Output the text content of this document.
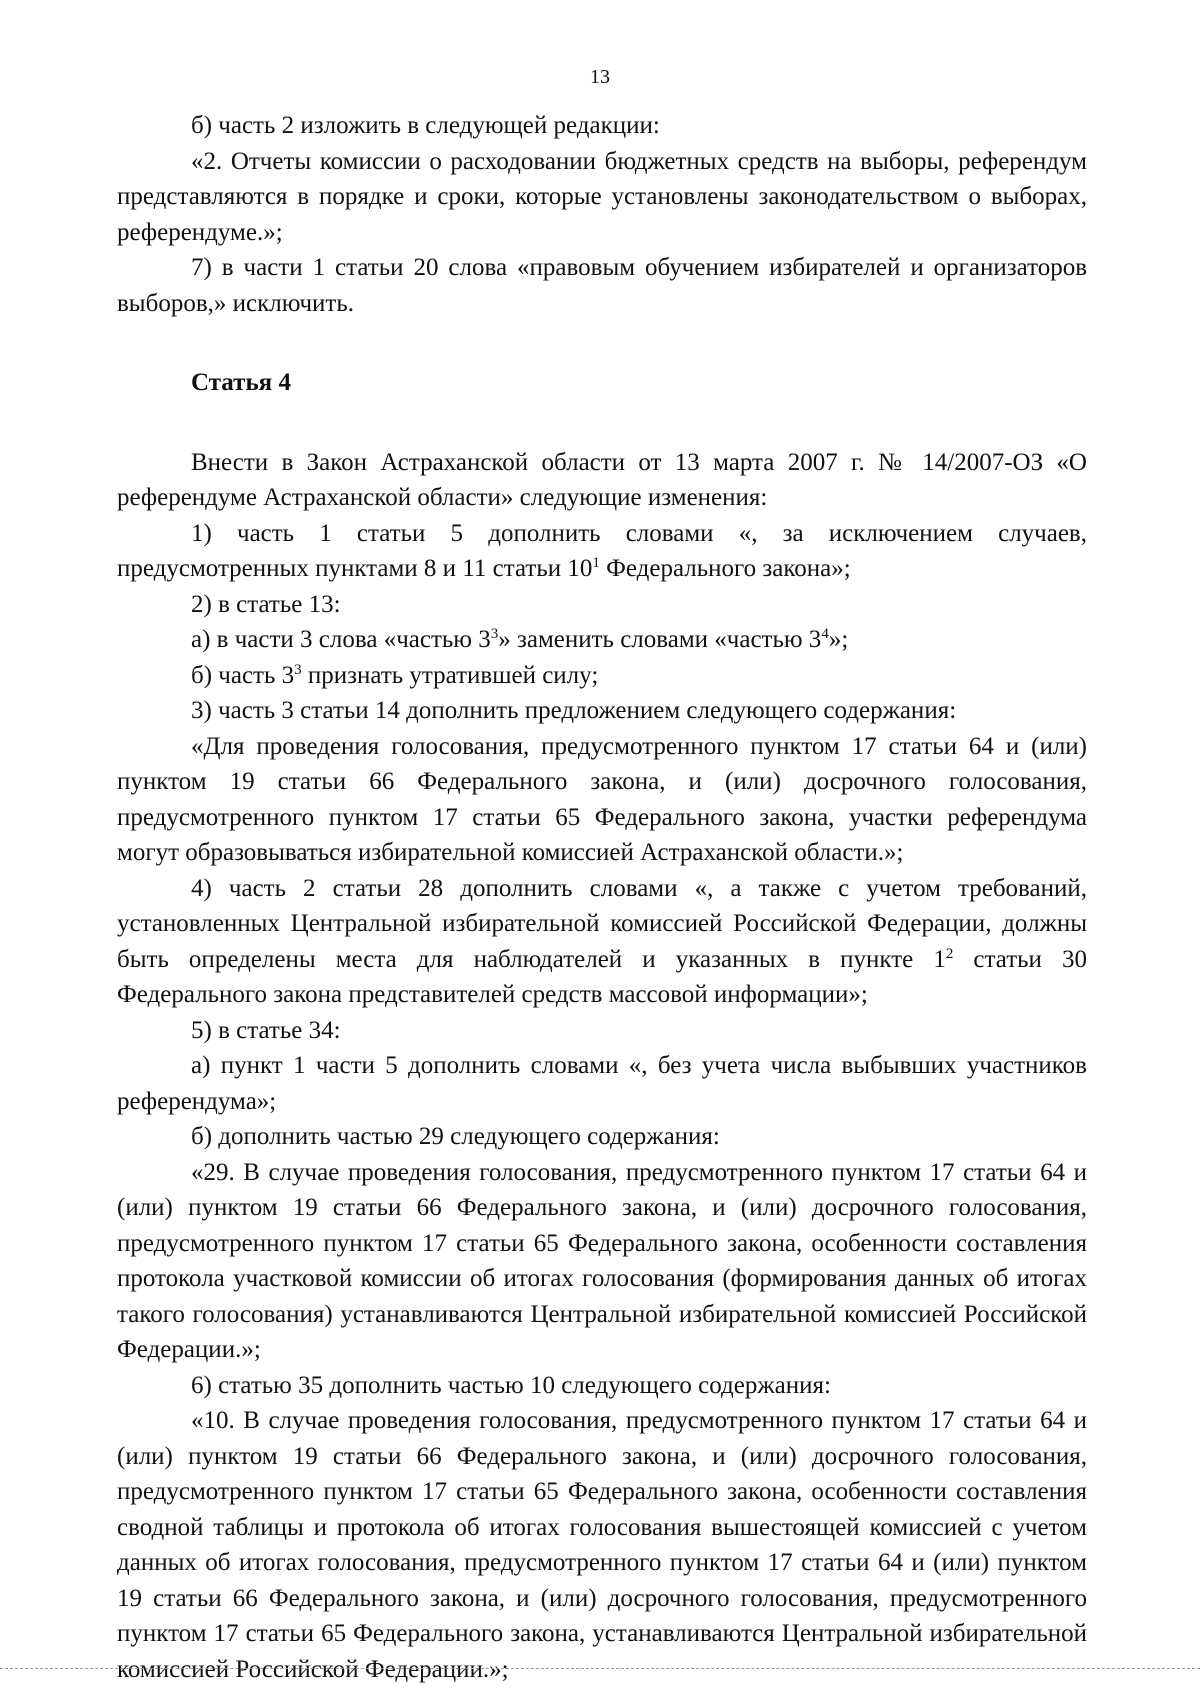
13

б) часть 2 изложить в следующей редакции:

«2. Отчеты комиссии о расходовании бюджетных средств на выборы, референдум представляются в порядке и сроки, которые установлены законодательством о выборах, референдуме.»;

7) в части 1 статьи 20 слова «правовым обучением избирателей и организаторов выборов,» исключить.

Статья 4

Внести в Закон Астраханской области от 13 марта 2007 г. № 14/2007-ОЗ «О референдуме Астраханской области» следующие изменения:

1) часть 1 статьи 5 дополнить словами «, за исключением случаев, предусмотренных пунктами 8 и 11 статьи $10^1$ Федерального закона»;

2) в статье 13:

а) в части 3 слова «частью $3^3$» заменить словами «частью $3^4$»;

б) часть $3^3$ признать утратившей силу;

3) часть 3 статьи 14 дополнить предложением следующего содержания:

«Для проведения голосования, предусмотренного пунктом 17 статьи 64 и (или) пунктом 19 статьи 66 Федерального закона, и (или) досрочного голосования, предусмотренного пунктом 17 статьи 65 Федерального закона, участки референдума могут образовываться избирательной комиссией Астраханской области.»;

4) часть 2 статьи 28 дополнить словами «, а также с учетом требований, установленных Центральной избирательной комиссией Российской Федерации, должны быть определены места для наблюдателей и указанных в пункте $1^2$ статьи 30 Федерального закона представителей средств массовой информации»;

5) в статье 34:

а) пункт 1 части 5 дополнить словами «, без учета числа выбывших участников референдума»;

б) дополнить частью 29 следующего содержания:

«29. В случае проведения голосования, предусмотренного пунктом 17 статьи 64 и (или) пунктом 19 статьи 66 Федерального закона, и (или) досрочного голосования, предусмотренного пунктом 17 статьи 65 Федерального закона, особенности составления протокола участковой комиссии об итогах голосования (формирования данных об итогах такого голосования) устанавливаются Центральной избирательной комиссией Российской Федерации.»;

6) статью 35 дополнить частью 10 следующего содержания:

«10. В случае проведения голосования, предусмотренного пунктом 17 статьи 64 и (или) пунктом 19 статьи 66 Федерального закона, и (или) досрочного голосования, предусмотренного пунктом 17 статьи 65 Федерального закона, особенности составления сводной таблицы и протокола об итогах голосования вышестоящей комиссией с учетом данных об итогах голосования, предусмотренного пунктом 17 статьи 64 и (или) пунктом 19 статьи 66 Федерального закона, и (или) досрочного голосования, предусмотренного пунктом 17 статьи 65 Федерального закона, устанавливаются Центральной избирательной комиссией Российской Федерации.»;
